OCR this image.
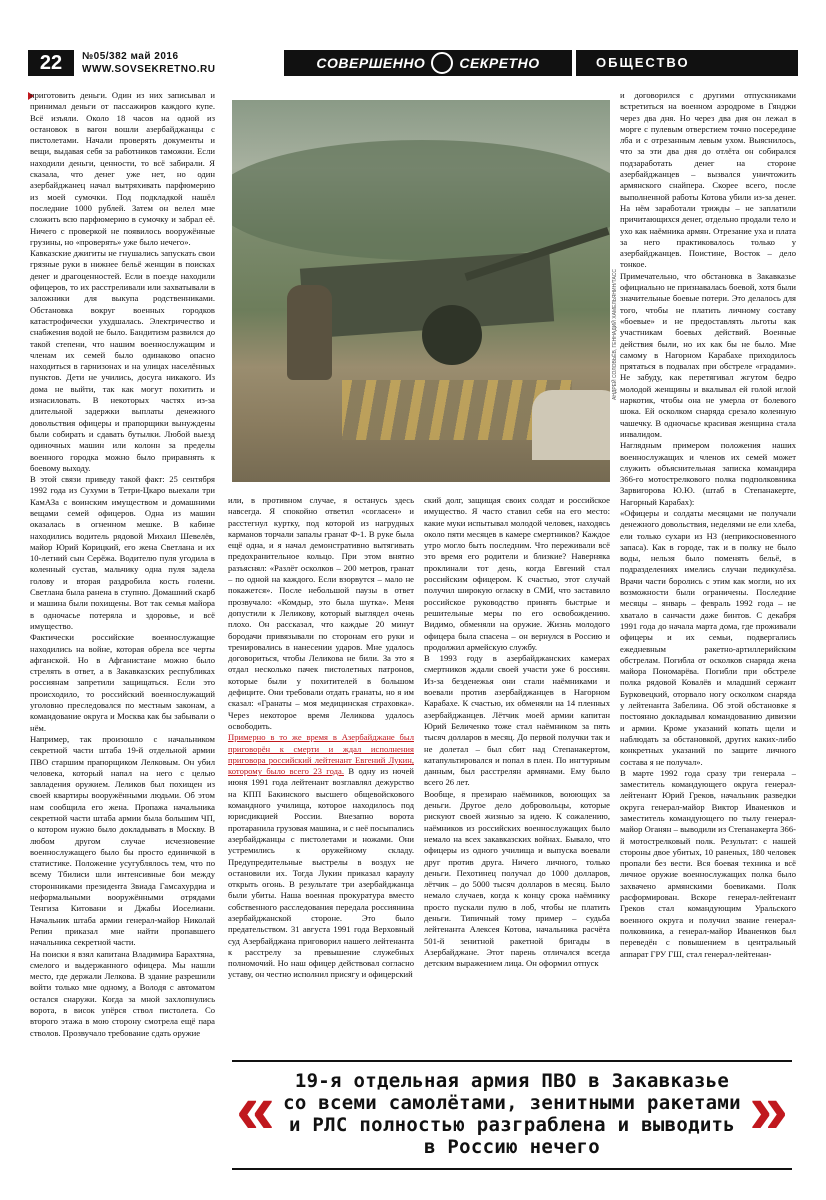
22	№05/382 май 2016
WWW.SOVSEKRETNO.RU	СОВЕРШЕННО СЕКРЕТНО	ОБЩЕСТВО
приготовить деньги. Один из них записывал и принимал деньги от пассажиров каждого купе. Всё изъяли. Около 18 часов на одной из остановок в вагон вошли азербайджанцы с пистолетами. Начали проверять документы и вещи, выдавая себя за работников таможни. Если находили деньги, ценности, то всё забирали. Я сказала, что денег уже нет, но один азербайджанец начал вытряхивать парфюмерию из моей сумочки. Под подкладкой нашёл последние 1000 рублей. Затем он велел мне сложить всю парфюмерию в сумочку и забрал её. Ничего с проверкой не появилось вооружённые грузины, но «проверять» уже было нечего».
Кавказские джигиты не гнушались запускать свои грязные руки в нижнее бельё женщин в поисках денег и драгоценностей. Если в поезде находили офицеров, то их расстреливали или захватывали в заложники для выкупа родственниками. Обстановка вокруг военных городков катастрофически ухудшалась. Электричество и снабжения водой не было. Бандитизм развился до такой степени, что нашим военнослужащим и членам их семей было одинаково опасно находиться в гарнизонах и на улицах населённых пунктов. Дети не учились, досуга никакого. Из дома не выйти, так как могут похитить и изнасиловать. В некоторых частях из-за длительной задержки выплаты денежного довольствия офицеры и прапорщики вынуждены были собирать и сдавать бутылки. Любой выезд одиночных машин или колонн за пределы военного городка можно было приравнять к боевому выходу.
В этой связи приведу такой факт: 25 сентября 1992 года из Сухуми в Тетри-Цкаро выехали три КамАЗа с воинским имуществом и домашними вещами семей офицеров. Одна из машин оказалась в огненном мешке. В кабине находились водитель рядовой Михаил Шевелёв, майор Юрий Корицкий, его жена Светлана и их 10-летний сын Серёжа. Водителю пуля угодила в коленный сустав, мальчику одна пуля задела голову и вторая раздробила кость голени. Светлана была ранена в ступню. Домашний скарб и машина были похищены. Вот так семья майора в одночасье потеряла и здоровье, и всё имущество.
Фактически российские военнослужащие находились на войне, которая обрела все черты афганской. Но в Афганистане можно было стрелять в ответ, а в Закавказских республиках россиянам запретили защищаться. Если это происходило, то российский военнослужащий уголовно преследовался по местным законам, а командование округа и Москва как бы забывали о нём.
Например, так произошло с начальником секретной части штаба 19-й отдельной армии ПВО старшим прапорщиком Лелковым. Он убил человека, который напал на него с целью завладения оружием. Леликов был похищен из своей квартиры вооружёнными людьми. Об этом нам сообщила его жена. Пропажа начальника секретной части штаба армии была большим ЧП, о котором нужно было докладывать в Москву. В любом другом случае исчезновение военнослужащего было бы просто единичкой в статистике. Положение усугублялось тем, что по всему Тбилиси шли интенсивные бои между сторонниками президента Звиада Гамсахурдиа и неформальными вооружёнными отрядами Тенгиза Китовани и Джабы Иоселиани. Начальник штаба армии генерал-майор Николай Репин приказал мне найти пропавшего начальника секретной части.
На поиски я взял капитана Владимира Барахтяна, смелого и выдержанного офицера. Мы нашли место, где держали Лелкова. В здание разрешили войти только мне одному, а Володя с автоматом остался снаружи. Когда за мной захлопнулись ворота, в висок упёрся ствол пистолета. Со второго этажа в мою сторону смотрела ещё пара стволов. Прозвучало требование сдать оружие
АНДРЕЙ СОЛОВЬЁВ, ГЕННАДИЙ ХАМЕЛЬЯНИН/ТАСС
или, в противном случае, я останусь здесь навсегда. Я спокойно ответил «согласен» и расстегнул куртку, под которой из нагрудных карманов торчали запалы гранат Ф-1. В руке была ещё одна, и я начал демонстративно вытягивать предохранительное кольцо. При этом внятно разъяснял: «Разлёт осколков – 200 метров, гранат – по одной на каждого. Если взорвутся – мало не покажется». После небольшой паузы в ответ прозвучало: «Комдыр, это была шутка». Меня допустили к Леликову, который выглядел очень плохо. Он рассказал, что каждые 20 минут бородачи привязывали по сторонам его руки и тренировались в нанесении ударов. Мне удалось договориться, чтобы Леликова не били. За это я отдал несколько пачек пистолетных патронов, которые были у похитителей в большом дефиците. Они требовали отдать гранаты, но я им сказал: «Гранаты – моя медицинская страховка». Через некоторое время Леликова удалось освободить.
Примерно в то же время в Азербайджане был приговорён к смерти и ждал исполнения приговора российский лейтенант Евгений Лукин, которому было всего 23 года. В одну из ночей июня 1991 года лейтенант возглавлял дежурство на КПП Бакинского высшего общевойскового командного училища, которое находилось под юрисдикцией России. Внезапно ворота протаранила грузовая машина, и с неё посыпались азербайджанцы с пистолетами и ножами. Они устремились к оружейному складу. Предупредительные выстрелы в воздух не остановили их. Тогда Лукин приказал караулу открыть огонь. В результате три азербайджанца были убиты. Наша военная прокуратура вместо собственного расследования передала россиянина азербайджанской стороне. Это было предательством. 31 августа 1991 года Верховный суд Азербайджана приговорил нашего лейтенанта к расстрелу за превышение служебных полномочий. Но наш офицер действовал согласно уставу, он честно исполнил присягу и офицерский
ский долг, защищая своих солдат и российское имущество. Я часто ставил себя на его место: какие муки испытывал молодой человек, находясь около пяти месяцев в камере смертников? Каждое утро могло быть последним. Что переживали всё это время его родители и близкие? Наверняка проклинали тот день, когда Евгений стал российским офицером. К счастью, этот случай получил широкую огласку в СМИ, что заставило российское руководство принять быстрые и решительные меры по его освобождению. Видимо, обменяли на оружие. Жизнь молодого офицера была спасена – он вернулся в Россию и продолжил армейскую службу.
В 1993 году в азербайджанских камерах смертников ждали своей участи уже 6 россиян. Из-за безденежья они стали наёмниками и воевали против азербайджанцев в Нагорном Карабахе. К счастью, их обменяли на 14 пленных азербайджанцев. Лётчик моей армии капитан Юрий Беличенко тоже стал наёмником за пять тысяч долларов в месяц. До первой получки так и не долетал – был сбит над Степанакертом, катапультировался и попал в плен. По ингтурным данным, был расстрелян армянами. Ему было всего 26 лет.
Вообще, я презираю наёмников, воюющих за деньги. Другое дело добровольцы, которые рискуют своей жизнью за идею. К сожалению, наёмников из российских военнослужащих было немало на всех закавказских войнах. Бывало, что офицеры из одного училища и выпуска воевали друг против друга. Ничего личного, только деньги. Пехотинец получал до 1000 долларов, лётчик – до 5000 тысяч долларов в месяц. Было немало случаев, когда к концу срока наёмнику просто пускали пулю в лоб, чтобы не платить деньги. Типичный тому пример – судьба лейтенанта Алексея Котова, начальника расчёта 501-й зенитной ракетной бригады в Азербайджане. Этот парень отличался всегда детским выражением лица. Он оформил отпуск
и договорился с другими отпускниками встретиться на военном аэродроме в Гянджи через два дня. Но через два дня он лежал в морге с пулевым отверстием точно посередине лба и с отрезанным левым ухом. Выяснилось, что за эти два дня до отлёта он собирался подзаработать денег на стороне азербайджанцев – вызвался уничтожить армянского снайпера. Скорее всего, после выполненной работы Котова убили из-за денег. На нём заработали трижды – не заплатили причитающихся денег, отдельно продали тело и ухо как наёмника армян. Отрезание уха и плата за него практиковалось только у азербайджанцев. Поистине, Восток – дело тонкое.
Примечательно, что обстановка в Закавказье официально не признавалась боевой, хотя были значительные боевые потери. Это делалось для того, чтобы не платить личному составу «боевые» и не предоставлять льготы как участникам боевых действий. Военные действия были, но их как бы не было. Мне самому в Нагорном Карабахе приходилось прятаться в подвалах при обстреле «градами». Не забуду, как перетягивал жгутом бедро молодой женщины и вкалывал ей голой иглой наркотик, чтобы она не умерла от болевого шока. Ей осколком снаряда срезало коленную чашечку. В одночасье красивая женщина стала инвалидом.
Наглядным примером положения наших военнослужащих и членов их семей может служить объяснительная записка командира 366-го мотострелкового полка подполковника Зарвигорова Ю.Ю. (штаб в Степанакерте, Нагорный Карабах):
«Офицеры и солдаты месяцами не получали денежного довольствия, неделями не ели хлеба, ели только сухари из НЗ (неприкосновенного запаса). Как в городе, так и в полку не было воды, нельзя было поменять бельё, в подразделениях имелись случаи педикулёза. Врачи части боролись с этим как могли, но их возможности были ограничены. Последние месяцы – январь – февраль 1992 года – не хватало в санчасти даже бинтов. С декабря 1991 года до начала марта дома, где проживали офицеры и их семьи, подвергались ежедневным ракетно-артиллерийским обстрелам. Погибла от осколков снаряда жена майора Пономарёва. Погибли при обстреле полка рядовой Ковалёв и младший сержант Бурковецкий, оторвало ногу осколком снаряда у лейтенанта Забелина. Об этой обстановке я постоянно докладывал командованию дивизии и армии. Кроме указаний копать щели и наблюдать за обстановкой, других каких-либо конкретных указаний по защите личного состава я не получал».
В марте 1992 года сразу три генерала – заместитель командующего округа генерал-лейтенант Юрий Греков, начальник разведки округа генерал-майор Виктор Иваненков и заместитель командующего по тылу генерал-майор Оганян – выводили из Степанакерта 366-й мотострелковый полк. Результат: с нашей стороны двое убитых, 10 раненых, 180 человек пропали без вести. Вся боевая техника и всё личное оружие военнослужащих полка было захвачено армянскими боевиками. Полк расформирован. Вскоре генерал-лейтенант Греков стал командующим Уральского военного округа и получил звание генерал-полковника, а генерал-майор Иваненков был переведён с повышением в центральный аппарат ГРУ ГШ, стал генерал-лейтенан-
«	19-я отдельная армия ПВО в Закавказье
со всеми самолётами, зенитными ракетами
и РЛС полностью разграблена и выводить
в Россию нечего	»
